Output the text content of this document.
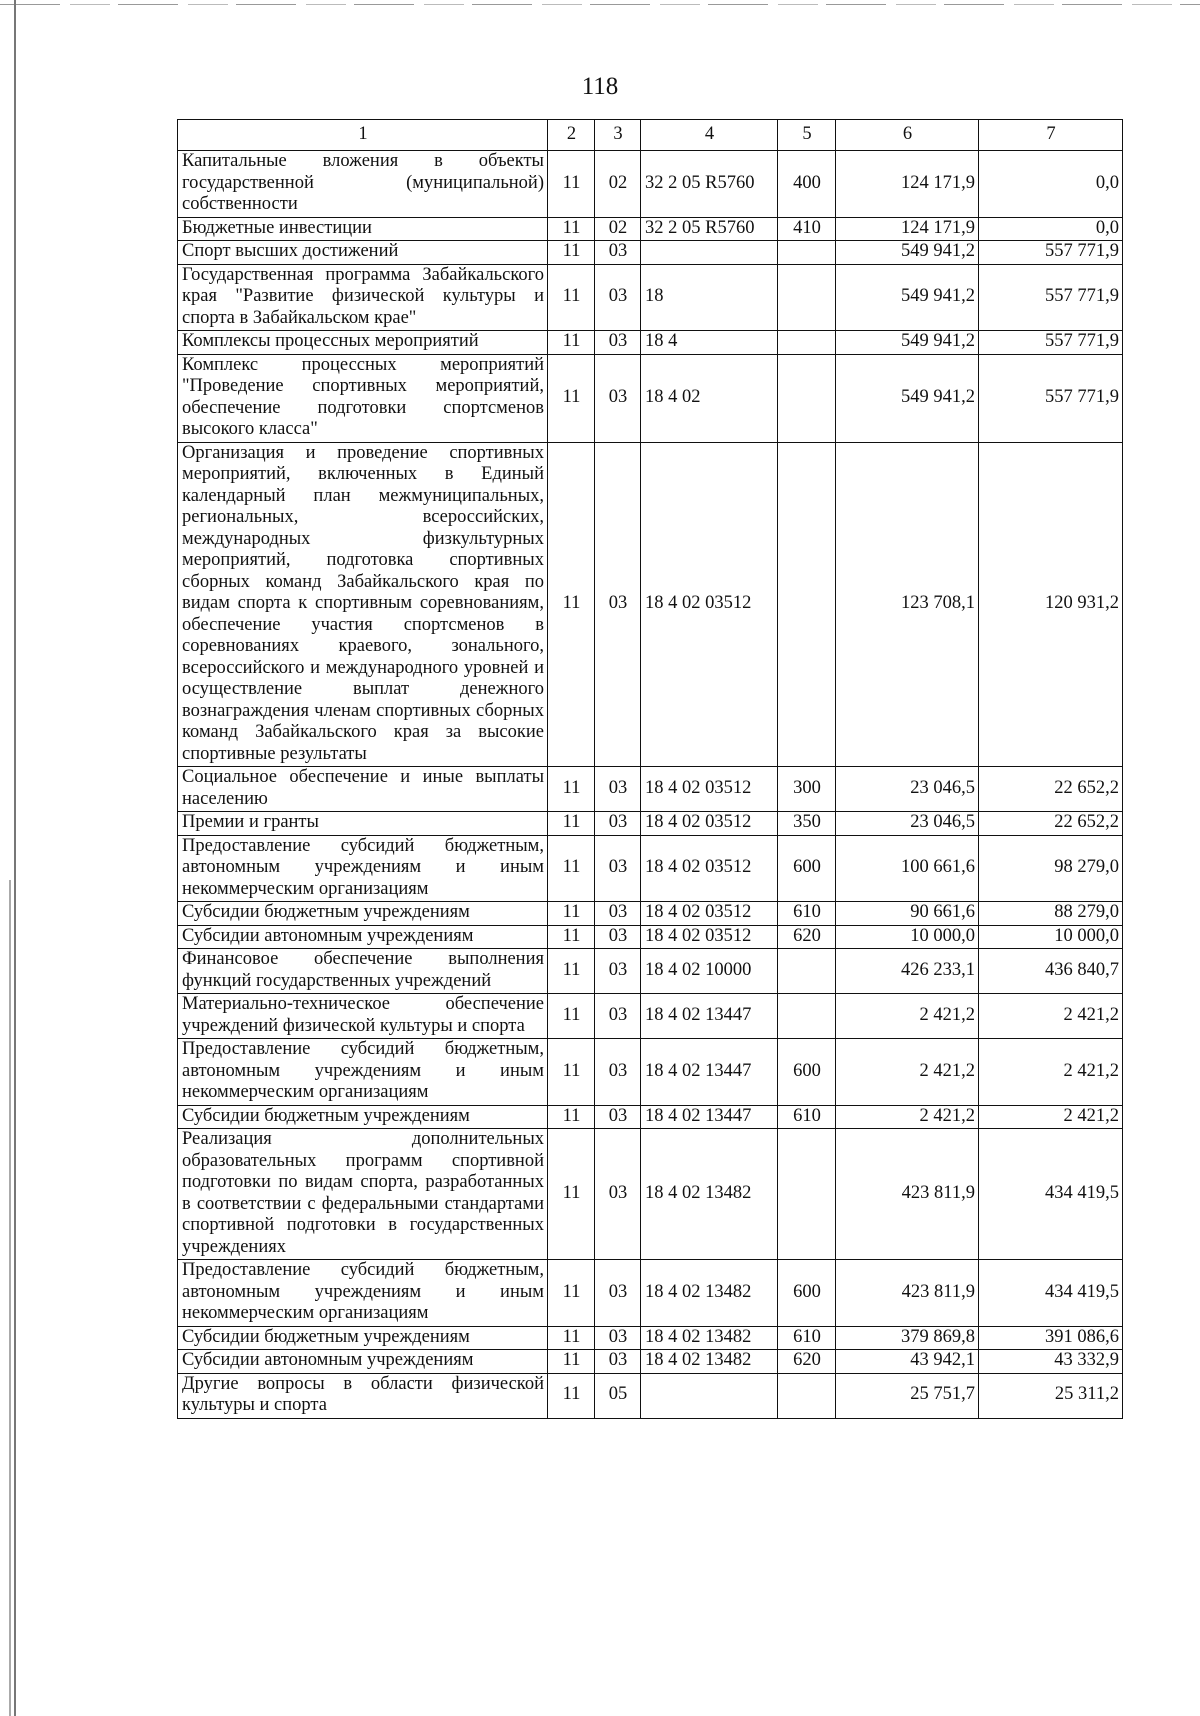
118
1	2	3	4	5	6	7
Капитальные вложения в объекты государственной (муниципальной) собственности	11	02	32 2 05 R5760	400	124 171,9	0,0
Бюджетные инвестиции	11	02	32 2 05 R5760	410	124 171,9	0,0
Спорт высших достижений	11	03			549 941,2	557 771,9
Государственная программа Забайкальского края "Развитие физической культуры и спорта в Забайкальском крае"	11	03	18		549 941,2	557 771,9
Комплексы процессных мероприятий	11	03	18 4		549 941,2	557 771,9
Комплекс процессных мероприятий "Проведение спортивных мероприятий, обеспечение подготовки спортсменов высокого класса"	11	03	18 4 02		549 941,2	557 771,9
Организация и проведение спортивных мероприятий, включенных в Единый календарный план межмуниципальных, региональных, всероссийских, международных физкультурных мероприятий, подготовка спортивных сборных команд Забайкальского края по видам спорта к спортивным соревнованиям, обеспечение участия спортсменов в соревнованиях краевого, зонального, всероссийского и международного уровней и осуществление выплат денежного вознаграждения членам спортивных сборных команд Забайкальского края за высокие спортивные результаты	11	03	18 4 02 03512		123 708,1	120 931,2
Социальное обеспечение и иные выплаты населению	11	03	18 4 02 03512	300	23 046,5	22 652,2
Премии и гранты	11	03	18 4 02 03512	350	23 046,5	22 652,2
Предоставление субсидий бюджетным, автономным учреждениям и иным некоммерческим организациям	11	03	18 4 02 03512	600	100 661,6	98 279,0
Субсидии бюджетным учреждениям	11	03	18 4 02 03512	610	90 661,6	88 279,0
Субсидии автономным учреждениям	11	03	18 4 02 03512	620	10 000,0	10 000,0
Финансовое обеспечение выполнения функций государственных учреждений	11	03	18 4 02 10000		426 233,1	436 840,7
Материально-техническое обеспечение учреждений физической культуры и спорта	11	03	18 4 02 13447		2 421,2	2 421,2
Предоставление субсидий бюджетным, автономным учреждениям и иным некоммерческим организациям	11	03	18 4 02 13447	600	2 421,2	2 421,2
Субсидии бюджетным учреждениям	11	03	18 4 02 13447	610	2 421,2	2 421,2
Реализация дополнительных образовательных программ спортивной подготовки по видам спорта, разработанных в соответствии с федеральными стандартами спортивной подготовки в государственных учреждениях	11	03	18 4 02 13482		423 811,9	434 419,5
Предоставление субсидий бюджетным, автономным учреждениям и иным некоммерческим организациям	11	03	18 4 02 13482	600	423 811,9	434 419,5
Субсидии бюджетным учреждениям	11	03	18 4 02 13482	610	379 869,8	391 086,6
Субсидии автономным учреждениям	11	03	18 4 02 13482	620	43 942,1	43 332,9
Другие вопросы в области физической культуры и спорта	11	05			25 751,7	25 311,2
